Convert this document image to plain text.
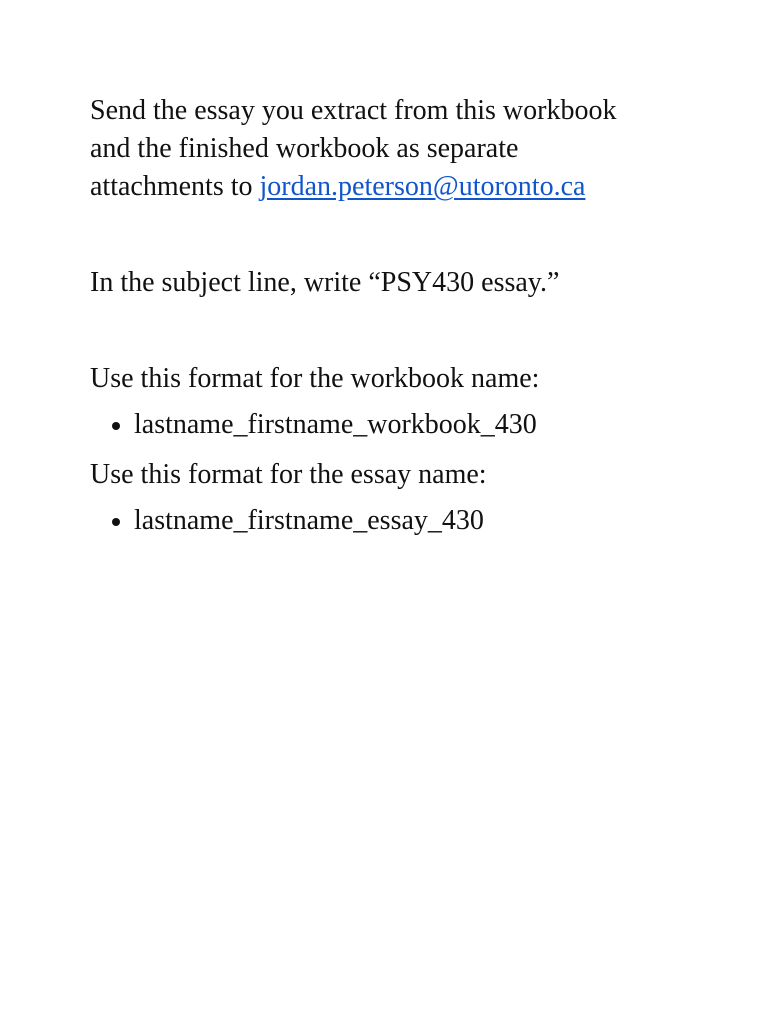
Send the essay you extract from this workbook
and the finished workbook as separate
attachments to jordan.peterson@utoronto.ca

In the subject line, write “PSY430 essay.”

Use this format for the workbook name:

lastname_firstname_workbook_430

Use this format for the essay name:

lastname_firstname_essay_430
